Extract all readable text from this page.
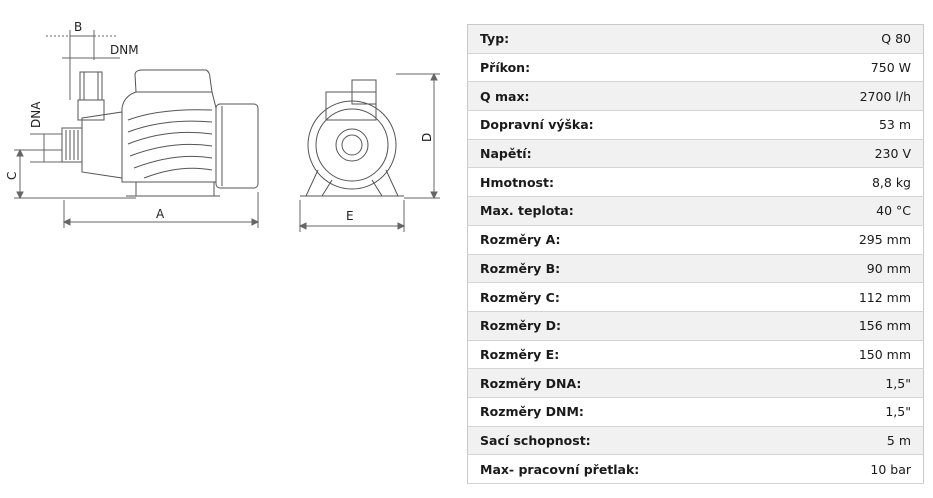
A
B
DNM
C
DNA
E
D
Typ:	Q 80
Příkon:	750 W
Q max:	2700 l/h
Dopravní výška:	53 m
Napětí:	230 V
Hmotnost:	8,8 kg
Max. teplota:	40 °C
Rozměry A:	295 mm
Rozměry B:	90 mm
Rozměry C:	112 mm
Rozměry D:	156 mm
Rozměry E:	150 mm
Rozměry DNA:	1,5"
Rozměry DNM:	1,5"
Sací schopnost:	5 m
Max- pracovní přetlak:	10 bar
